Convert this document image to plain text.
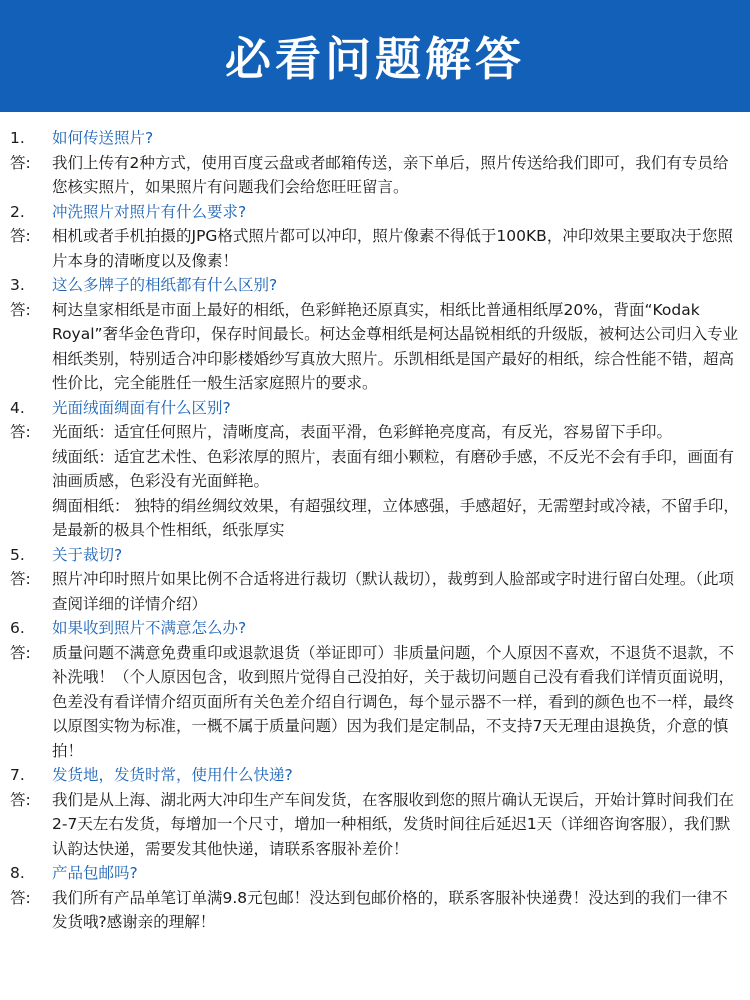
必看问题解答
1.	如何传送照片?
答:	我们上传有2种方式，使用百度云盘或者邮箱传送，亲下单后，照片传送给我们即可，我们有专员给您核实照片，如果照片有问题我们会给您旺旺留言。

2.	冲洗照片对照片有什么要求?
答:	相机或者手机拍摄的JPG格式照片都可以冲印，照片像素不得低于100KB，冲印效果主要取决于您照片本身的清晰度以及像素！

3.	这么多牌子的相纸都有什么区别?
答:	柯达皇家相纸是市面上最好的相纸，色彩鲜艳还原真实，相纸比普通相纸厚20%，背面“Kodak Royal”奢华金色背印，保存时间最长。柯达金尊相纸是柯达晶锐相纸的升级版，被柯达公司归入专业相纸类别，特别适合冲印影楼婚纱写真放大照片。乐凯相纸是国产最好的相纸，综合性能不错，超高性价比，完全能胜任一般生活家庭照片的要求。

4.	光面绒面绸面有什么区别?
答:	光面纸：适宜任何照片，清晰度高，表面平滑，色彩鲜艳亮度高，有反光，容易留下手印。

绒面纸：适宜艺术性、色彩浓厚的照片，表面有细小颗粒，有磨砂手感，不反光不会有手印，画面有油画质感，色彩没有光面鲜艳。

绸面相纸： 独特的绢丝绸纹效果，有超强纹理，立体感强，手感超好，无需塑封或冷裱，不留手印，是最新的极具个性相纸，纸张厚实

5.	关于裁切?
答:	照片冲印时照片如果比例不合适将进行裁切（默认裁切），裁剪到人脸部或字时进行留白处理。（此项查阅详细的详情介绍）

6.	如果收到照片不满意怎么办?
答:	质量问题不满意免费重印或退款退货（举证即可）非质量问题，个人原因不喜欢，不退货不退款，不补洗哦！（个人原因包含，收到照片觉得自己没拍好，关于裁切问题自己没有看我们详情页面说明，色差没有看详情介绍页面所有关色差介绍自行调色，每个显示器不一样，看到的颜色也不一样，最终以原图实物为标准，一概不属于质量问题）因为我们是定制品，不支持7天无理由退换货，介意的慎拍！

7.	发货地，发货时常，使用什么快递?
答:	我们是从上海、湖北两大冲印生产车间发货，在客服收到您的照片确认无误后，开始计算时间我们在2-7天左右发货，每增加一个尺寸，增加一种相纸，发货时间往后延迟1天（详细咨询客服），我们默认韵达快递，需要发其他快递，请联系客服补差价！

8.	产品包邮吗?
答:	我们所有产品单笔订单满9.8元包邮！没达到包邮价格的，联系客服补快递费！没达到的我们一律不发货哦?感谢亲的理解！
